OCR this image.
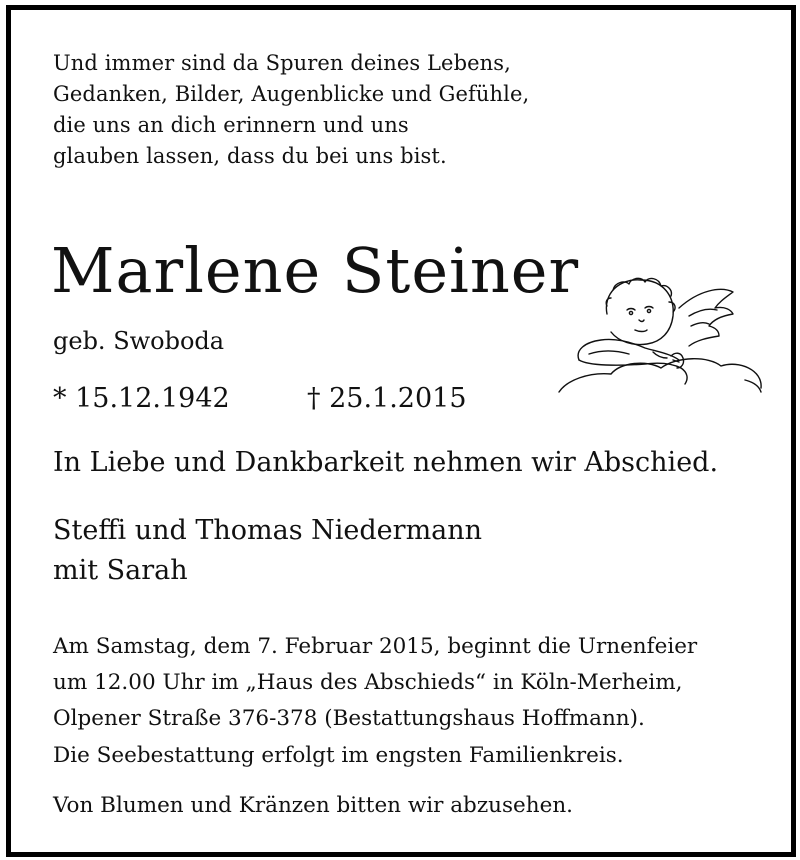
Und immer sind da Spuren deines Lebens,
Gedanken, Bilder, Augenblicke und Gefühle,
die uns an dich erinnern und uns
glauben lassen, dass du bei uns bist.
Marlene Steiner
geb. Swoboda
* 15.12.1942	† 25.1.2015
In Liebe und Dankbarkeit nehmen wir Abschied.
Steffi und Thomas Niedermann
mit Sarah
Am Samstag, dem 7. Februar 2015, beginnt die Urnenfeier
um 12.00 Uhr im „Haus des Abschieds“ in Köln-Merheim,
Olpener Straße 376-378 (Bestattungshaus Hoffmann).
Die Seebestattung erfolgt im engsten Familienkreis.
Von Blumen und Kränzen bitten wir abzusehen.
